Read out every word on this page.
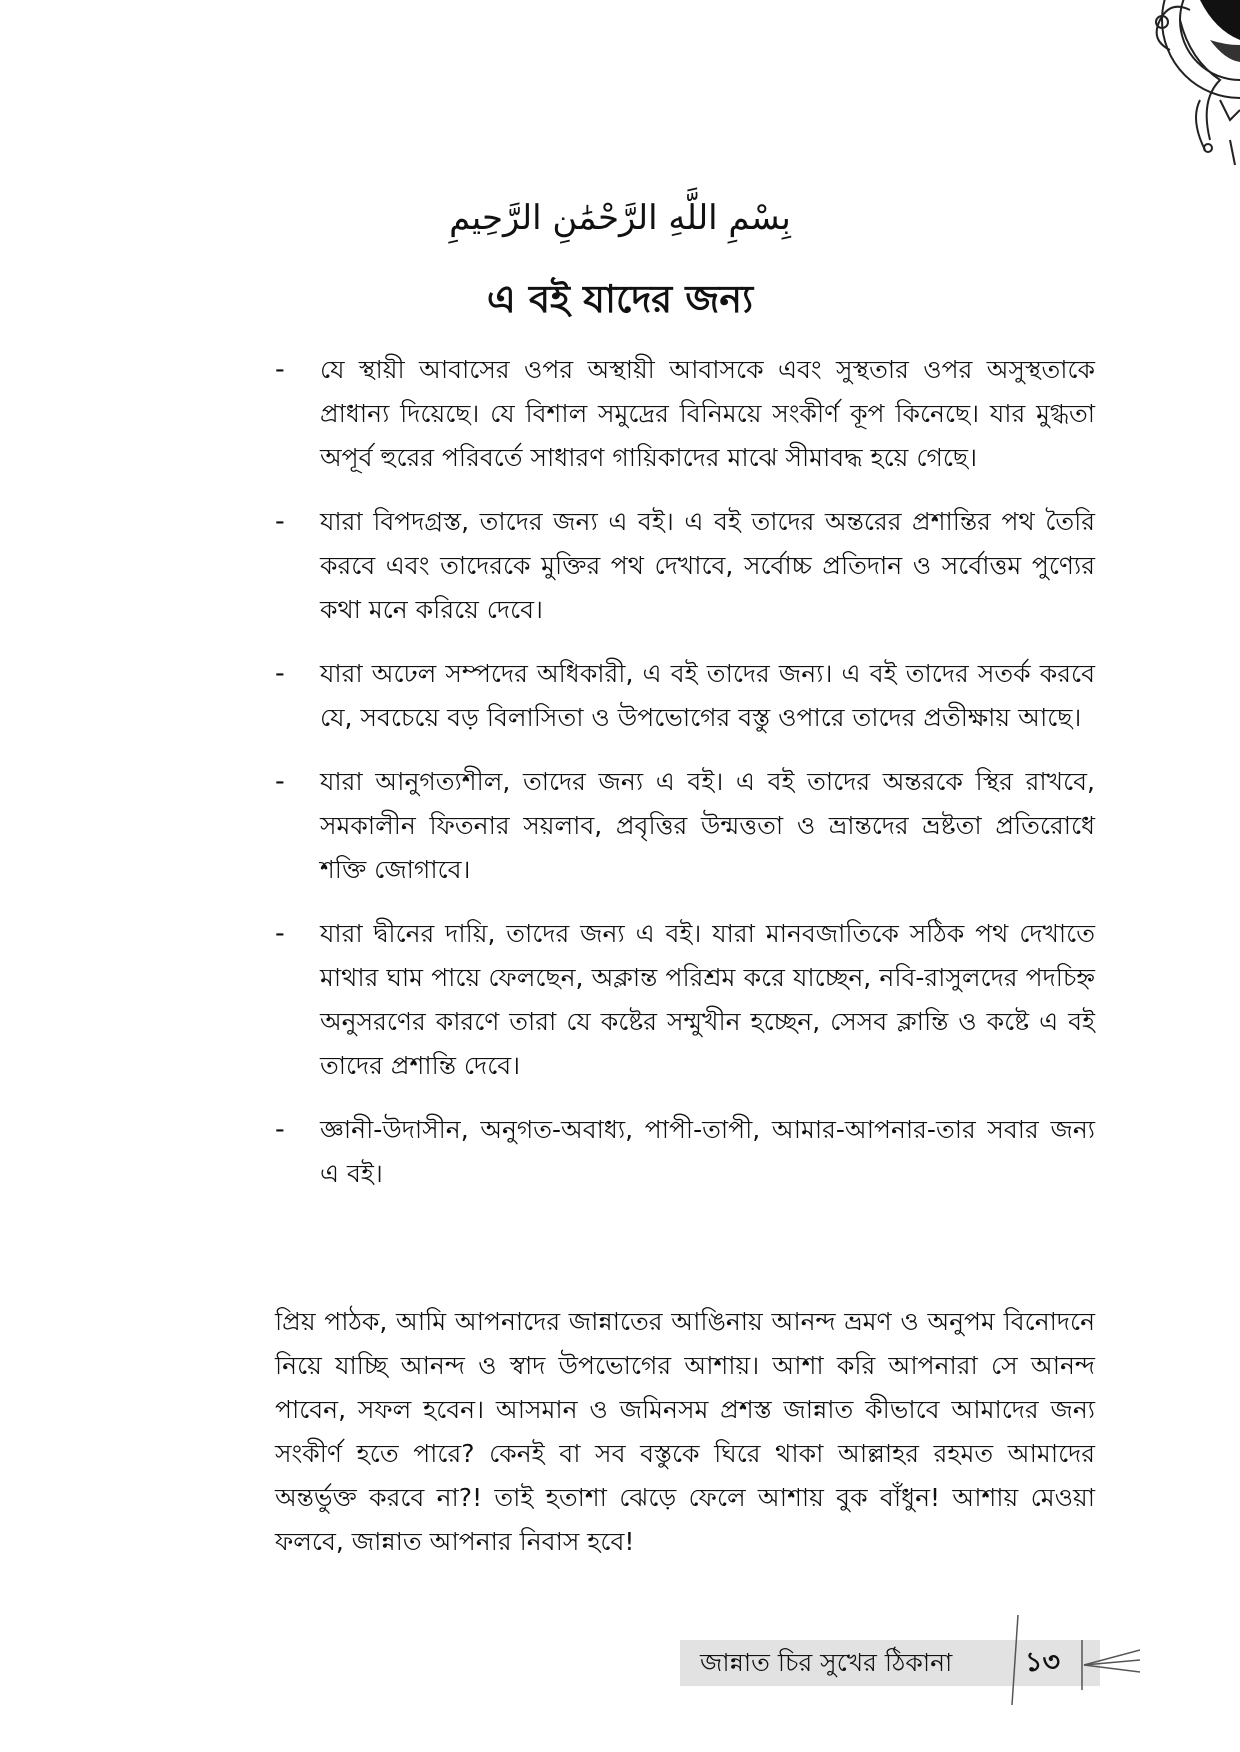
بِسْمِ اللَّهِ الرَّحْمَٰنِ الرَّحِيمِ
এ বই যাদের জন্য
- যে স্থায়ী আবাসের ওপর অস্থায়ী আবাসকে এবং সুস্থতার ওপর অসুস্থতাকে প্রাধান্য দিয়েছে। যে বিশাল সমুদ্রের বিনিময়ে সংকীর্ণ কূপ কিনেছে। যার মুগ্ধতা অপূর্ব হুরের পরিবর্তে সাধারণ গায়িকাদের মাঝে সীমাবদ্ধ হয়ে গেছে।
- যারা বিপদগ্রস্ত, তাদের জন্য এ বই। এ বই তাদের অন্তরের প্রশান্তির পথ তৈরি করবে এবং তাদেরকে মুক্তির পথ দেখাবে, সর্বোচ্চ প্রতিদান ও সর্বোত্তম পুণ্যের কথা মনে করিয়ে দেবে।
- যারা অঢেল সম্পদের অধিকারী, এ বই তাদের জন্য। এ বই তাদের সতর্ক করবে যে, সবচেয়ে বড় বিলাসিতা ও উপভোগের বস্তু ওপারে তাদের প্রতীক্ষায় আছে।
- যারা আনুগত্যশীল, তাদের জন্য এ বই। এ বই তাদের অন্তরকে স্থির রাখবে, সমকালীন ফিতনার সয়লাব, প্রবৃত্তির উন্মত্ততা ও ভ্রান্তদের ভ্রষ্টতা প্রতিরোধে শক্তি জোগাবে।
- যারা দ্বীনের দায়ি, তাদের জন্য এ বই। যারা মানবজাতিকে সঠিক পথ দেখাতে মাথার ঘাম পায়ে ফেলছেন, অক্লান্ত পরিশ্রম করে যাচ্ছেন, নবি-রাসুলদের পদচিহ্ন অনুসরণের কারণে তারা যে কষ্টের সম্মুখীন হচ্ছেন, সেসব ক্লান্তি ও কষ্টে এ বই তাদের প্রশান্তি দেবে।
- জ্ঞানী-উদাসীন, অনুগত-অবাধ্য, পাপী-তাপী, আমার-আপনার-তার সবার জন্য এ বই।

প্রিয় পাঠক, আমি আপনাদের জান্নাতের আঙিনায় আনন্দ ভ্রমণ ও অনুপম বিনোদনে নিয়ে যাচ্ছি আনন্দ ও স্বাদ উপভোগের আশায়। আশা করি আপনারা সে আনন্দ পাবেন, সফল হবেন। আসমান ও জমিনসম প্রশস্ত জান্নাত কীভাবে আমাদের জন্য সংকীর্ণ হতে পারে? কেনই বা সব বস্তুকে ঘিরে থাকা আল্লাহর রহমত আমাদের অন্তর্ভুক্ত করবে না?! তাই হতাশা ঝেড়ে ফেলে আশায় বুক বাঁধুন! আশায় মেওয়া ফলবে, জান্নাত আপনার নিবাস হবে!

জান্নাত চির সুখের ঠিকানা	১৩
